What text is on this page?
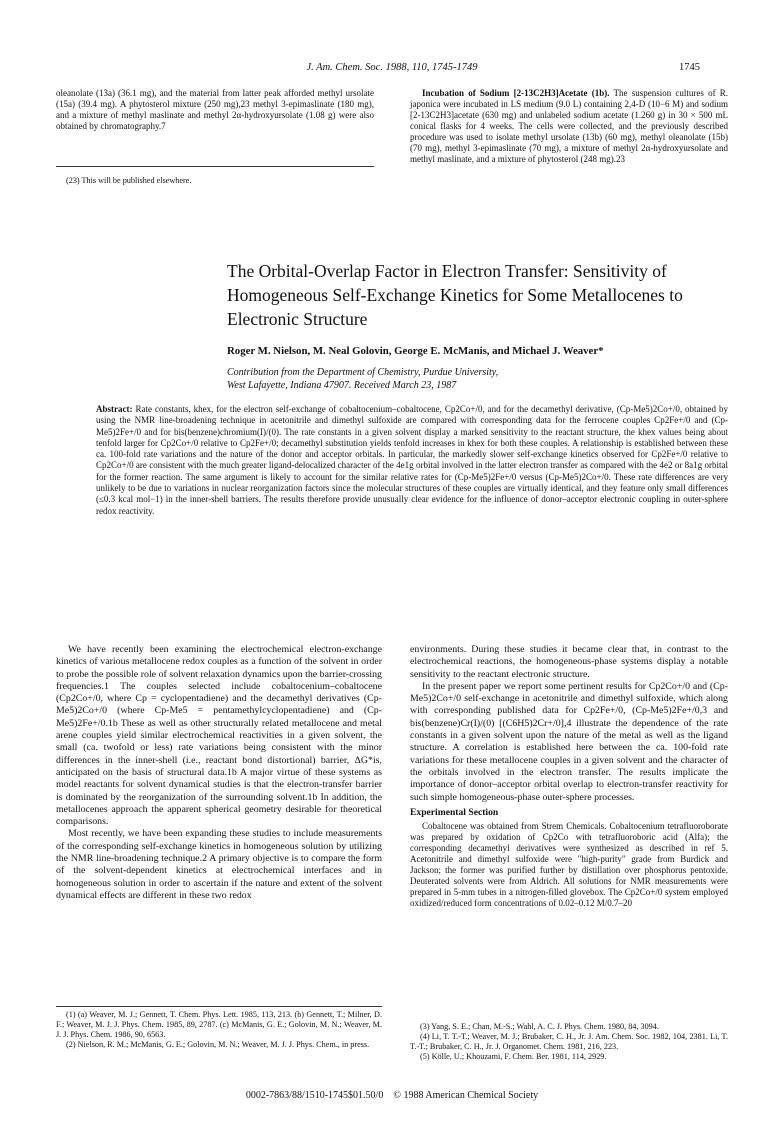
J. Am. Chem. Soc. 1988, 110, 1745-1749	1745

oleanolate (13a) (36.1 mg), and the material from latter peak afforded methyl ursolate (15a) (39.4 mg). A phytosterol mixture (250 mg),23 methyl 3-epimaslinate (180 mg), and a mixture of methyl maslinate and methyl 2α-hydroxyursolate (1.08 g) were also obtained by chromatography.7

(23) This will be published elsewhere.

Incubation of Sodium [2-13C2H3]Acetate (1b). The suspension cultures of R. japonica were incubated in LS medium (9.0 L) containing 2,4-D (10−6 M) and sodium [2-13C2H3]acetate (630 mg) and unlabeled sodium acetate (1.260 g) in 30 × 500 mL conical flasks for 4 weeks. The cells were collected, and the previously described procedure was used to isolate methyl ursolate (13b) (60 mg), methyl oleanolate (15b) (70 mg), methyl 3-epimaslinate (70 mg), a mixture of methyl 2α-hydroxyursolate and methyl maslinate, and a mixture of phytosterol (248 mg).23

The Orbital-Overlap Factor in Electron Transfer: Sensitivity of Homogeneous Self-Exchange Kinetics for Some Metallocenes to Electronic Structure
Roger M. Nielson, M. Neal Golovin, George E. McManis, and Michael J. Weaver*
Contribution from the Department of Chemistry, Purdue University,
West Lafayette, Indiana 47907. Received March 23, 1987
Abstract: Rate constants, khex, for the electron self-exchange of cobaltocenium–cobaltocene, Cp2Co+/0, and for the decamethyl derivative, (Cp-Me5)2Co+/0, obtained by using the NMR line-broadening technique in acetonitrile and dimethyl sulfoxide are compared with corresponding data for the ferrocene couples Cp2Fe+/0 and (Cp-Me5)2Fe+/0 and for bis(benzene)chromium(I)/(0). The rate constants in a given solvent display a marked sensitivity to the reactant structure, the khex values being about tenfold larger for Cp2Co+/0 relative to Cp2Fe+/0; decamethyl substitution yields tenfold increases in khex for both these couples. A relationship is established between these ca. 100-fold rate variations and the nature of the donor and acceptor orbitals. In particular, the markedly slower self-exchange kinetics observed for Cp2Fe+/0 relative to Cp2Co+/0 are consistent with the much greater ligand-delocalized character of the 4e1g orbital involved in the latter electron transfer as compared with the 4e2 or 8a1g orbital for the former reaction. The same argument is likely to account for the similar relative rates for (Cp-Me5)2Fe+/0 versus (Cp-Me5)2Co+/0. These rate differences are very unlikely to be due to variations in nuclear reorganization factors since the molecular structures of these couples are virtually identical, and they feature only small differences (≤0.3 kcal mol−1) in the inner-shell barriers. The results therefore provide unusually clear evidence for the influence of donor–acceptor electronic coupling in outer-sphere redox reactivity.

We have recently been examining the electrochemical electron-exchange kinetics of various metallocene redox couples as a function of the solvent in order to probe the possible role of solvent relaxation dynamics upon the barrier-crossing frequencies.1 The couples selected include cobaltocenium–cobaltocene (Cp2Co+/0, where Cp = cyclopentadiene) and the decamethyl derivatives (Cp-Me5)2Co+/0 (where Cp-Me5 = pentamethylcyclopentadiene) and (Cp-Me5)2Fe+/0.1b These as well as other structurally related metallocene and metal arene couples yield similar electrochemical reactivities in a given solvent, the small (ca. twofold or less) rate variations being consistent with the minor differences in the inner-shell (i.e., reactant bond distortional) barrier, ΔG*is, anticipated on the basis of structural data.1b A major virtue of these systems as model reactants for solvent dynamical studies is that the electron-transfer barrier is dominated by the reorganization of the surrounding solvent.1b In addition, the metallocenes approach the apparent spherical geometry desirable for theoretical comparisons.

Most recently, we have been expanding these studies to include measurements of the corresponding self-exchange kinetics in homogeneous solution by utilizing the NMR line-broadening technique.2 A primary objective is to compare the form of the solvent-dependent kinetics at electrochemical interfaces and in homogeneous solution in order to ascertain if the nature and extent of the solvent dynamical effects are different in these two redox

environments. During these studies it became clear that, in contrast to the electrochemical reactions, the homogeneous-phase systems display a notable sensitivity to the reactant electronic structure.

In the present paper we report some pertinent results for Cp2Co+/0 and (Cp-Me5)2Co+/0 self-exchange in acetonitrile and dimethyl sulfoxide, which along with corresponding published data for Cp2Fe+/0, (Cp-Me5)2Fe+/0,3 and bis(benzene)Cr(I)/(0) [(C6H5)2Cr+/0],4 illustrate the dependence of the rate constants in a given solvent upon the nature of the metal as well as the ligand structure. A correlation is established here between the ca. 100-fold rate variations for these metallocene couples in a given solvent and the character of the orbitals involved in the electron transfer. The results implicate the importance of donor–acceptor orbital overlap to electron-transfer reactivity for such simple homogeneous-phase outer-sphere processes.

Experimental Section

Cobaltocene was obtained from Strem Chemicals. Cobaltocenium tetrafluoroborate was prepared by oxidation of Cp2Co with tetrafluoroboric acid (Alfa); the corresponding decamethyl derivatives were synthesized as described in ref 5. Acetonitrile and dimethyl sulfoxide were "high-purity" grade from Burdick and Jackson; the former was purified further by distillation over phosphorus pentoxide. Deuterated solvents were from Aldrich. All solutions for NMR measurements were prepared in 5-mm tubes in a nitrogen-filled glovebox. The Cp2Co+/0 system employed oxidized/reduced form concentrations of 0.02–0.12 M/0.7–20

(1) (a) Weaver, M. J.; Gennett, T. Chem. Phys. Lett. 1985, 113, 213. (b) Gennett, T.; Milner, D. F.; Weaver, M. J. J. Phys. Chem. 1985, 89, 2787. (c) McManis, G. E.; Golovin, M. N.; Weaver, M. J. J. Phys. Chem. 1986, 90, 6563.

(2) Nielson, R. M.; McManis, G. E.; Golovin, M. N.; Weaver, M. J. J. Phys. Chem., in press.

(3) Yang, S. E.; Chan, M.-S.; Wahl, A. C. J. Phys. Chem. 1980, 84, 3094.

(4) Li, T. T.-T.; Weaver, M. J.; Brubaker, C. H., Jr. J. Am. Chem. Soc. 1982, 104, 2381. Li, T. T.-T.; Brubaker, C. H., Jr. J. Organomet. Chem. 1981, 216, 223.

(5) Kölle, U.; Khouzami, F. Chem. Ber. 1981, 114, 2929.

0002-7863/88/1510-1745$01.50/0 © 1988 American Chemical Society
